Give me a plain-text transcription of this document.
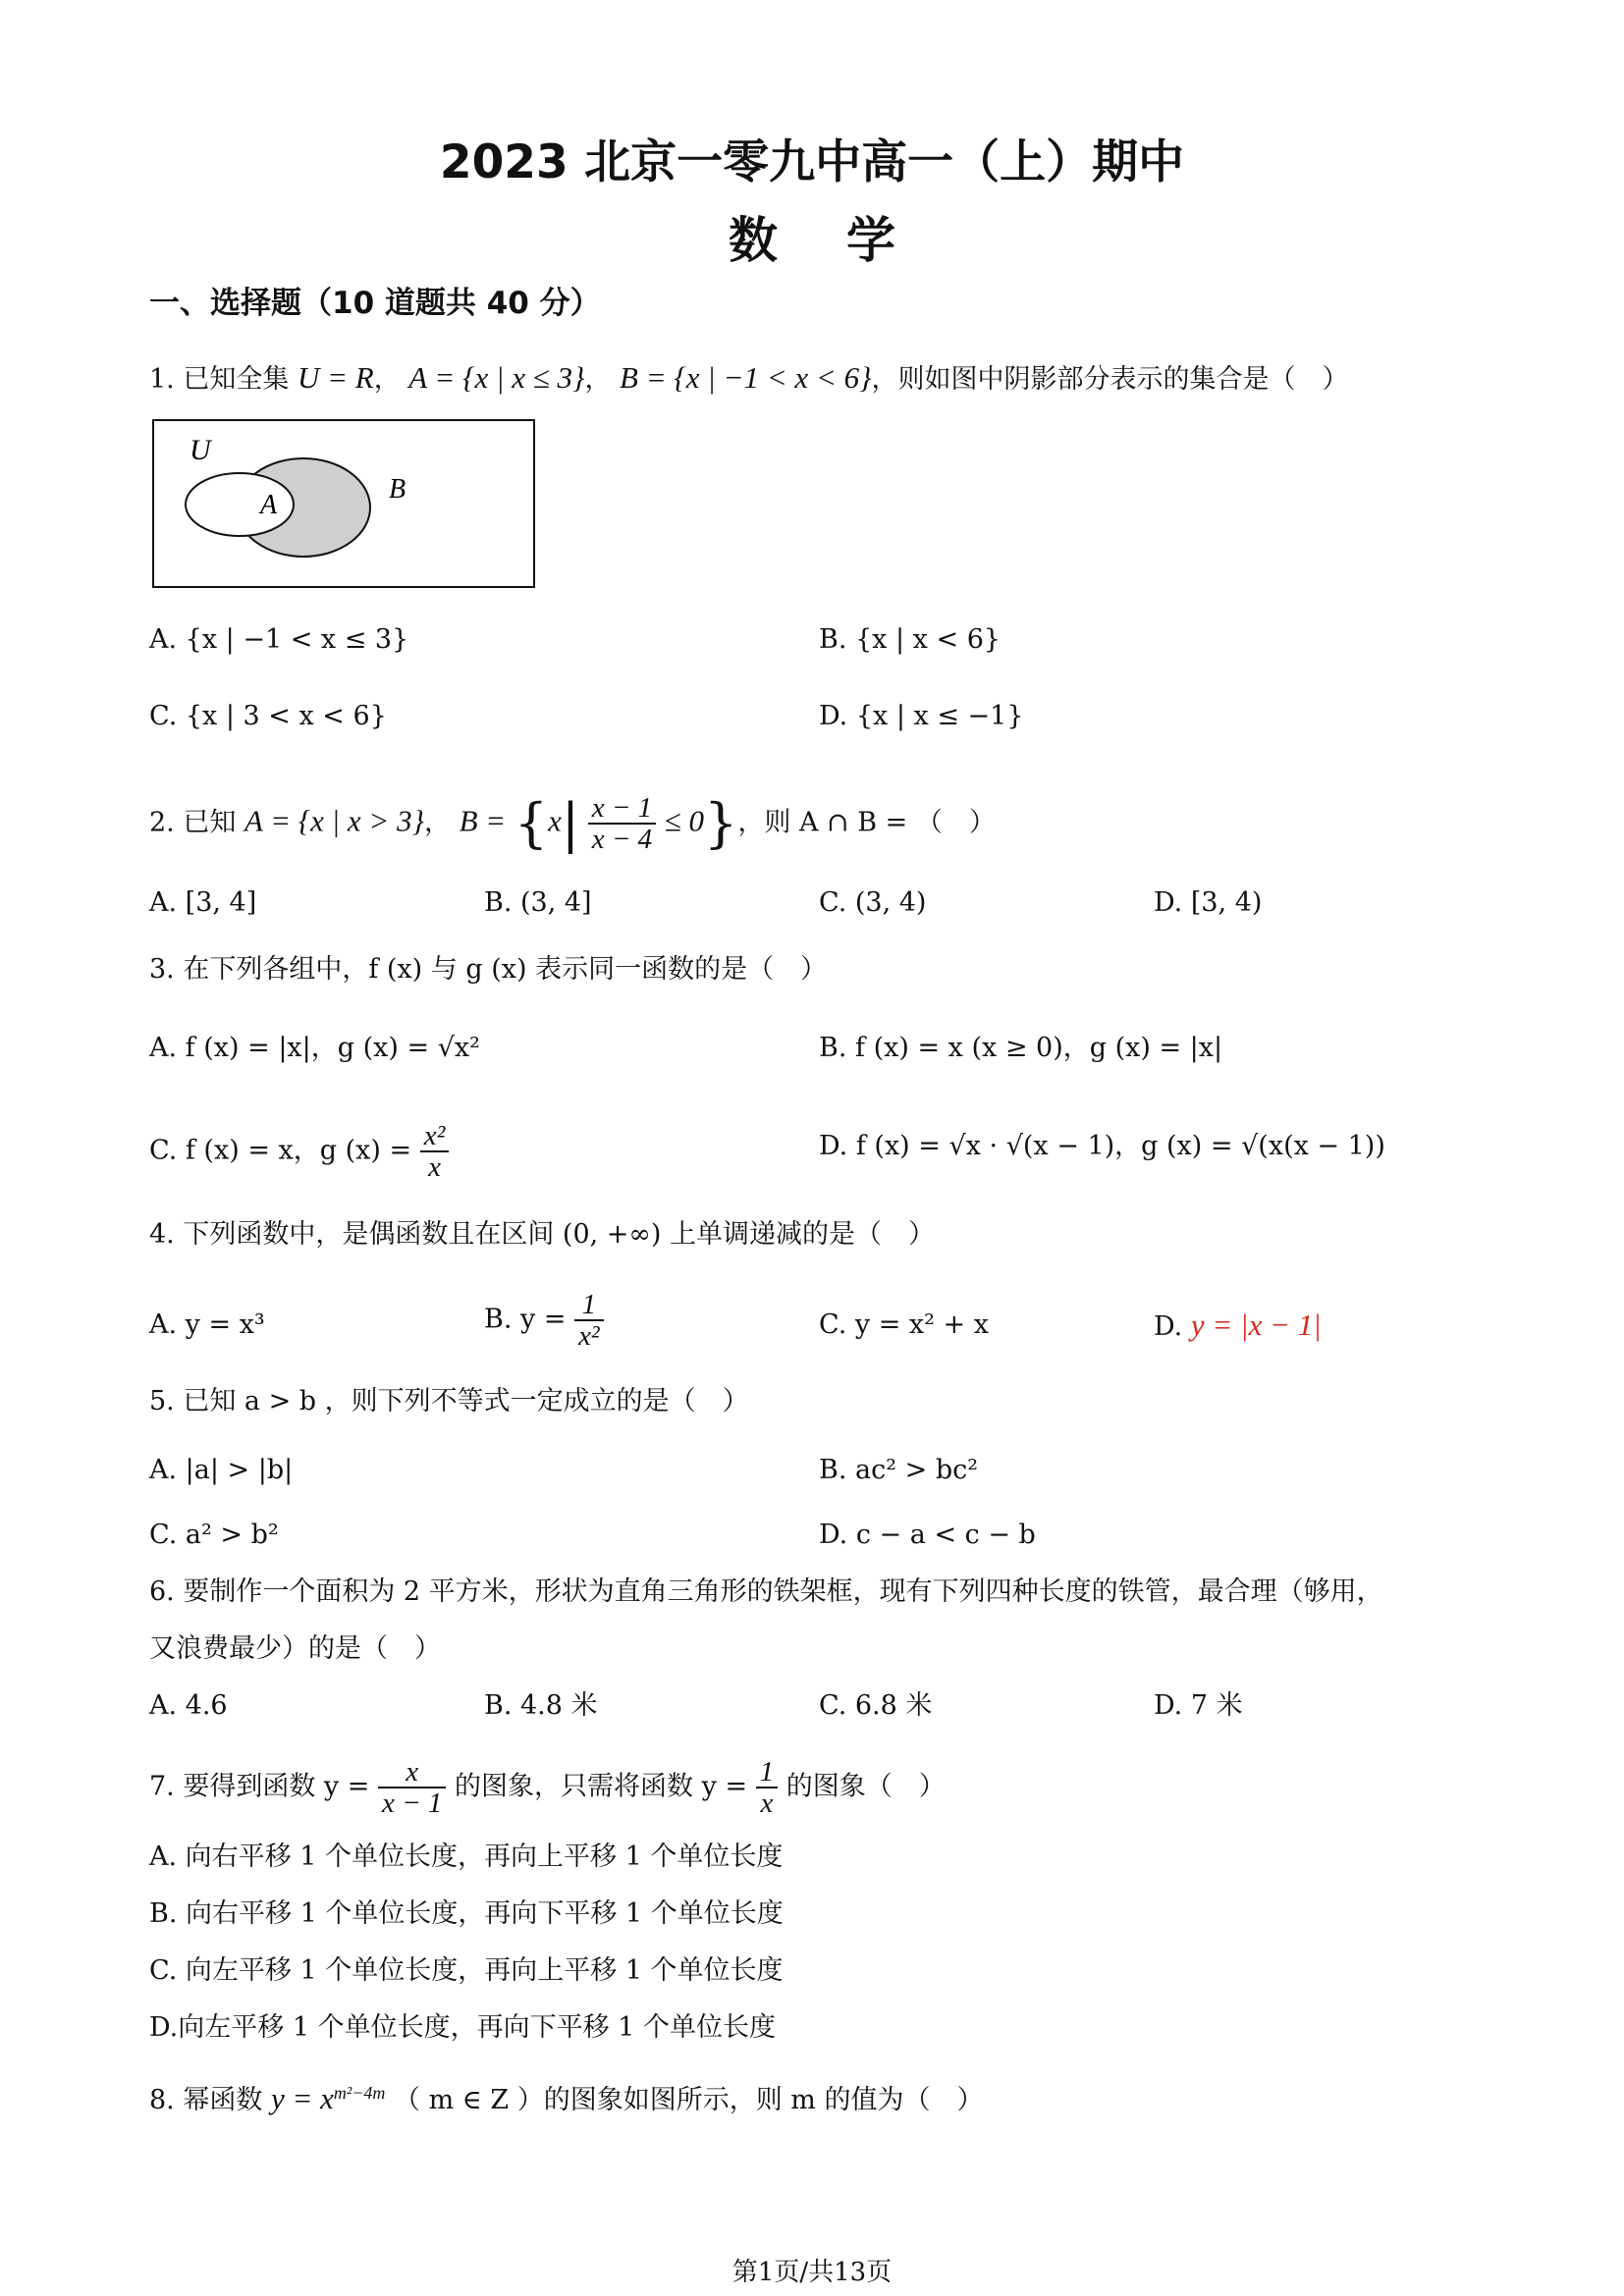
2023 北京一零九中高一（上）期中
数学
一、选择题（10 道题共 40 分）
1. 已知全集 U = R， A = {x | x ≤ 3}， B = {x | −1 < x < 6}，则如图中阴影部分表示的集合是（　）
U
A
B
A. {x | −1 < x ≤ 3}	B. {x | x < 6}
C. {x | 3 < x < 6}	D. {x | x ≤ −1}
2. 已知 A = {x | x > 3}， $B = \{x| \frac{x - 1}{x - 4} \le 0\}$，则 A ∩ B = （　）
A. [3, 4]	B. (3, 4]	C. (3, 4)	D. [3, 4)
3. 在下列各组中，f (x) 与 g (x) 表示同一函数的是（　）
A. f (x) = |x|，g (x) = √x²	B. f (x) = x (x ≥ 0)，g (x) = |x|
C. f (x) = x，g $(x) = \frac{\text{x²}}{x}$	D. f (x) = √x · √(x − 1)，g (x) = √(x(x − 1))
4. 下列函数中，是偶函数且在区间 (0, +∞) 上单调递减的是（　）
A. y = x³	B. $y = \frac{1}{\text{x²}}$	C. y = x² + x	D. y = |x − 1|
5. 已知 a > b ，则下列不等式一定成立的是（　）
A. |a| > |b|	B. ac² > bc²
C. a² > b²	D. c − a < c − b
6. 要制作一个面积为 2 平方米，形状为直角三角形的铁架框，现有下列四种长度的铁管，最合理（够用，
又浪费最少）的是（　）
A. 4.6	B. 4.8 米	C. 6.8 米	D. 7 米
7. 要得到函数 $y = \frac{x}{x - 1}$ 的图象，只需将函数 $y = \frac{1}{x}$ 的图象（　）
A. 向右平移 1 个单位长度，再向上平移 1 个单位长度
B. 向右平移 1 个单位长度，再向下平移 1 个单位长度
C. 向左平移 1 个单位长度，再向上平移 1 个单位长度
D.向左平移 1 个单位长度，再向下平移 1 个单位长度
8. 幂函数 $y = x^{m^2-4m}$ （ m ∈ Z ）的图象如图所示，则 m 的值为（　）
第1页/共13页
